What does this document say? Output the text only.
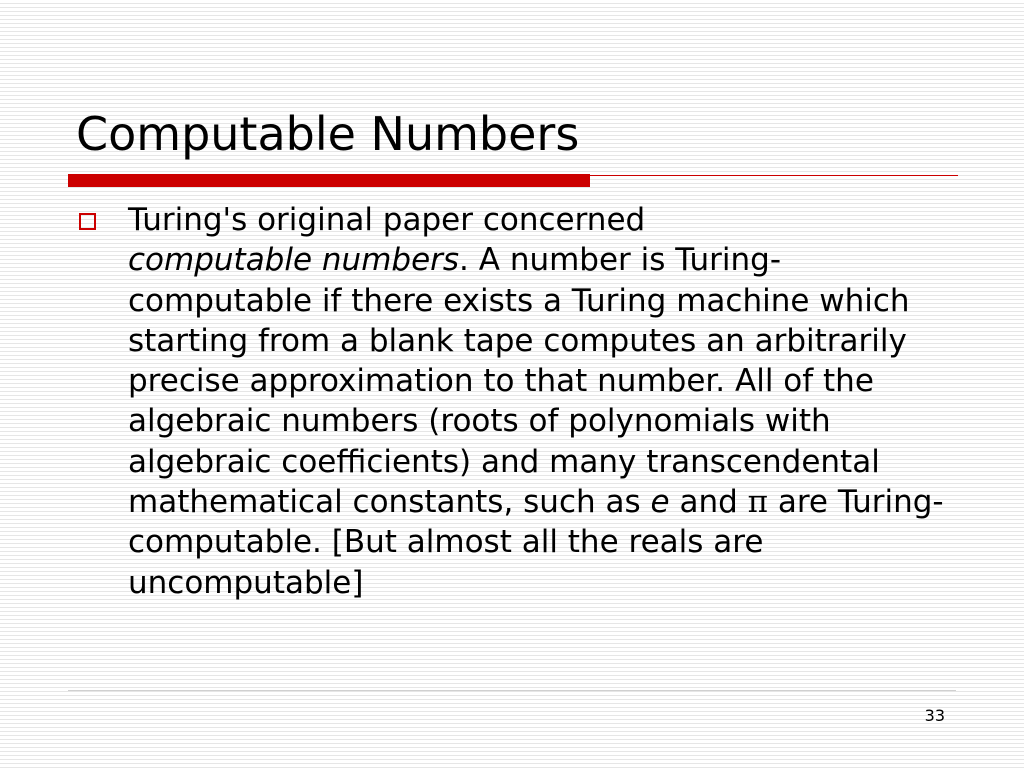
Computable Numbers

Turing's original paper concerned
computable numbers. A number is Turing-computable if there exists a Turing machine which starting from a blank tape computes an arbitrarily precise approximation to that number. All of the algebraic numbers (roots of polynomials with algebraic coefficients) and many transcendental mathematical constants, such as e and π are Turing-computable. [But almost all the reals are uncomputable]

33
